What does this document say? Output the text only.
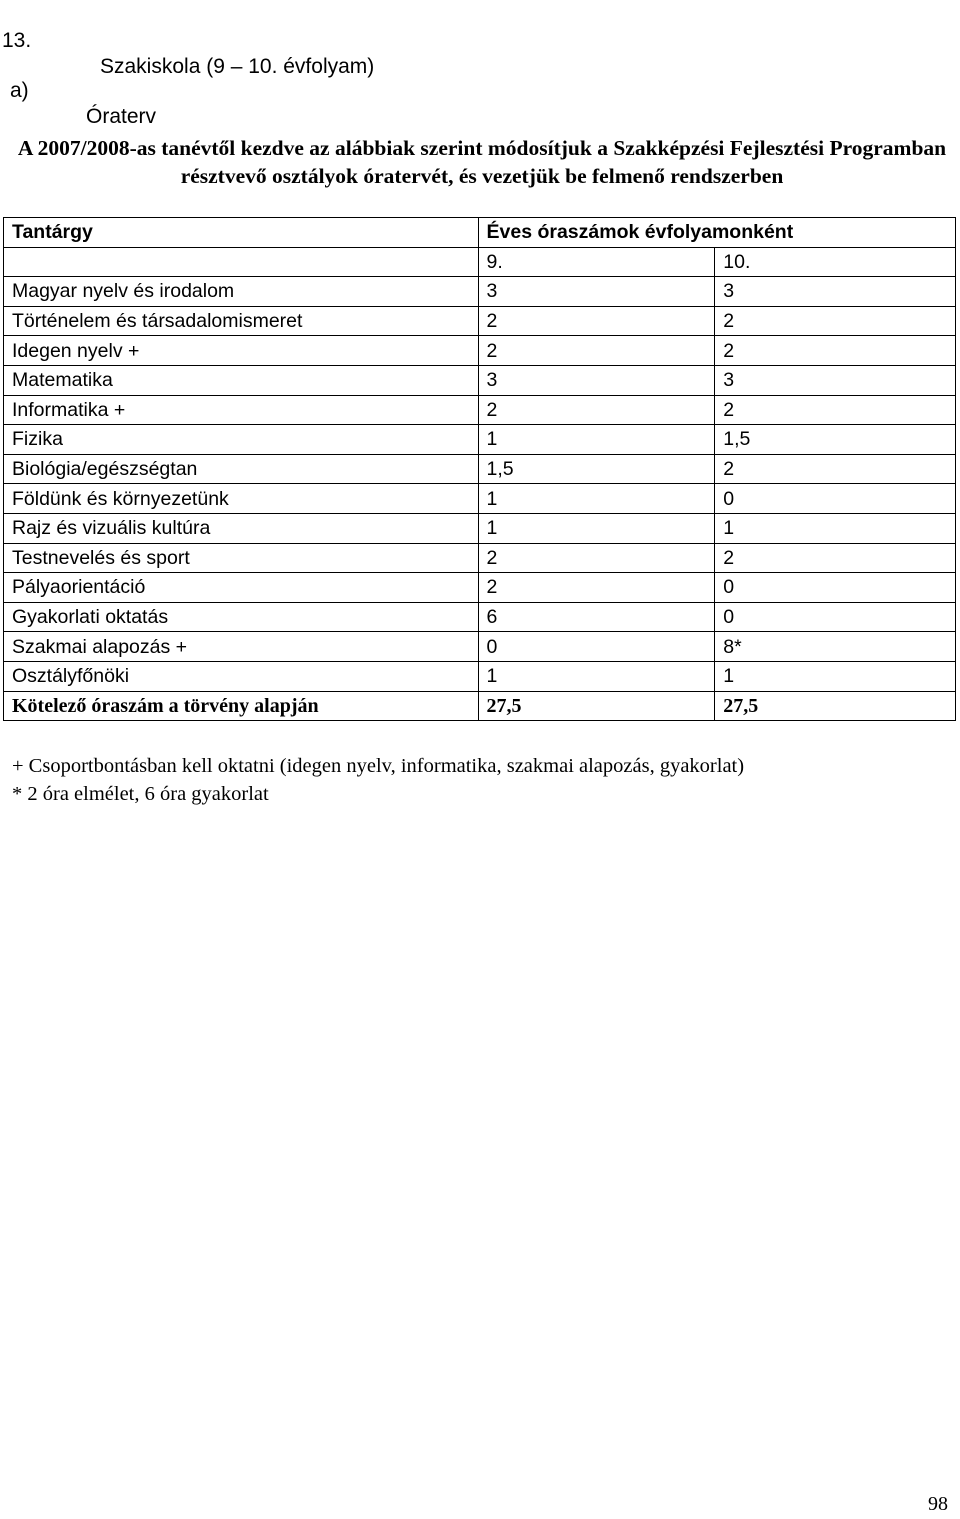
13.

Szakiskola (9 – 10. évfolyam)

a)

Óraterv

A 2007/2008-as tanévtől kezdve az alábbiak szerint módosítjuk a Szakképzési Fejlesztési Programban résztvevő osztályok óratervét, és vezetjük be felmenő rendszerben
Tantárgy	Éves óraszámok évfolyamonként	
	9.	10.
Magyar nyelv és irodalom	3	3
Történelem és társadalomismeret	2	2
Idegen nyelv +	2	2
Matematika	3	3
Informatika +	2	2
Fizika	1	1,5
Biológia/egészségtan	1,5	2
Földünk és környezetünk	1	0
Rajz és vizuális kultúra	1	1
Testnevelés és sport	2	2
Pályaorientáció	2	0
Gyakorlati oktatás	6	0
Szakmai alapozás +	0	8*
Osztályfőnöki	1	1
Kötelező óraszám a törvény alapján	27,5	27,5
+ Csoportbontásban kell oktatni (idegen nyelv, informatika, szakmai alapozás, gyakorlat)
* 2 óra elmélet, 6 óra gyakorlat
98
